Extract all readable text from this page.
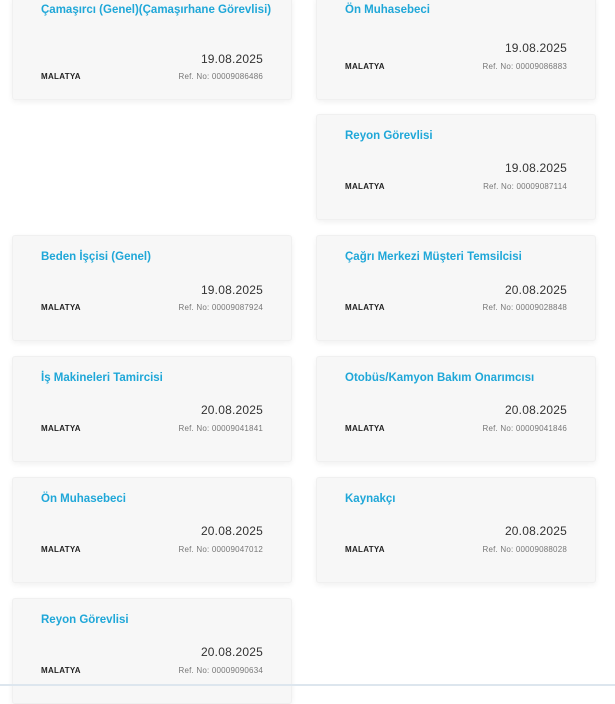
Çamaşırcı (Genel)(Çamaşırhane Görevlisi)
19.08.2025
MALATYA	Ref. No: 00009086486
Ön Muhasebeci
19.08.2025
MALATYA	Ref. No: 00009086883
Reyon Görevlisi
19.08.2025
MALATYA	Ref. No: 00009087114
Beden İşçisi (Genel)
19.08.2025
MALATYA	Ref. No: 00009087924
Çağrı Merkezi Müşteri Temsilcisi
20.08.2025
MALATYA	Ref. No: 00009028848
İş Makineleri Tamircisi
20.08.2025
MALATYA	Ref. No: 00009041841
Otobüs/Kamyon Bakım Onarımcısı
20.08.2025
MALATYA	Ref. No: 00009041846
Ön Muhasebeci
20.08.2025
MALATYA	Ref. No: 00009047012
Kaynakçı
20.08.2025
MALATYA	Ref. No: 00009088028
Reyon Görevlisi
20.08.2025
MALATYA	Ref. No: 00009090634
